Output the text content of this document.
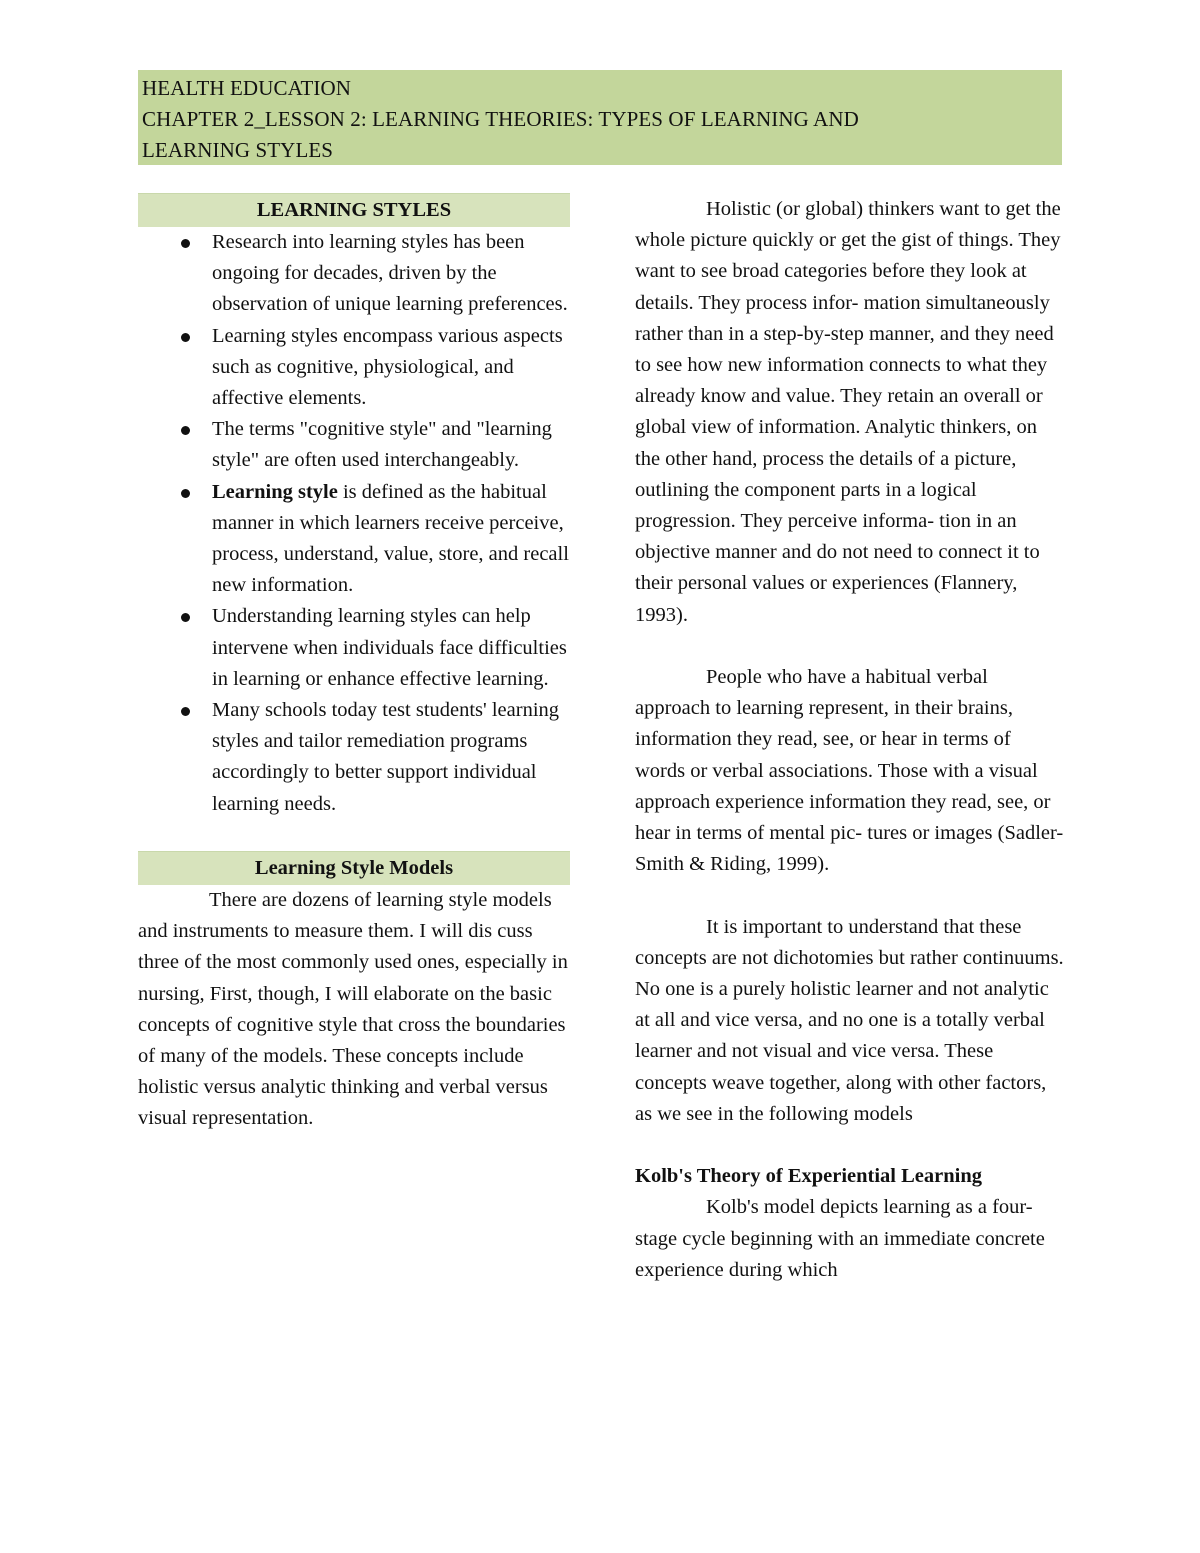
HEALTH EDUCATION
CHAPTER 2_LESSON 2: LEARNING THEORIES: TYPES OF LEARNING AND
LEARNING STYLES
LEARNING STYLES
Research into learning styles has been ongoing for decades, driven by the observation of unique learning preferences.
Learning styles encompass various aspects such as cognitive, physiological, and affective elements.
The terms "cognitive style" and "learning style" are often used interchangeably.
Learning style is defined as the habitual manner in which learners receive perceive, process, understand, value, store, and recall new information.
Understanding learning styles can help intervene when individuals face difficulties in learning or enhance effective learning.
Many schools today test students' learning styles and tailor remediation programs accordingly to better support individual learning needs.
Learning Style Models

There are dozens of learning style models and instruments to measure them. I will dis cuss three of the most commonly used ones, especially in nursing, First, though, I will elaborate on the basic concepts of cognitive style that cross the boundaries of many of the models. These concepts include holistic versus analytic thinking and verbal versus visual representation.

Holistic (or global) thinkers want to get the whole picture quickly or get the gist of things. They want to see broad categories before they look at details. They process infor- mation simultaneously rather than in a step-by-step manner, and they need to see how new information connects to what they already know and value. They retain an overall or global view of information. Analytic thinkers, on the other hand, process the details of a picture, outlining the component parts in a logical progression. They perceive informa- tion in an objective manner and do not need to connect it to their personal values or experiences (Flannery, 1993).

People who have a habitual verbal approach to learning represent, in their brains, information they read, see, or hear in terms of words or verbal associations. Those with a visual approach experience information they read, see, or hear in terms of mental pic- tures or images (Sadler-Smith & Riding, 1999).

It is important to understand that these concepts are not dichotomies but rather continuums. No one is a purely holistic learner and not analytic at all and vice versa, and no one is a totally verbal learner and not visual and vice versa. These concepts weave together, along with other factors, as we see in the following models

Kolb's Theory of Experiential Learning

Kolb's model depicts learning as a four-stage cycle beginning with an immediate concrete experience during which
